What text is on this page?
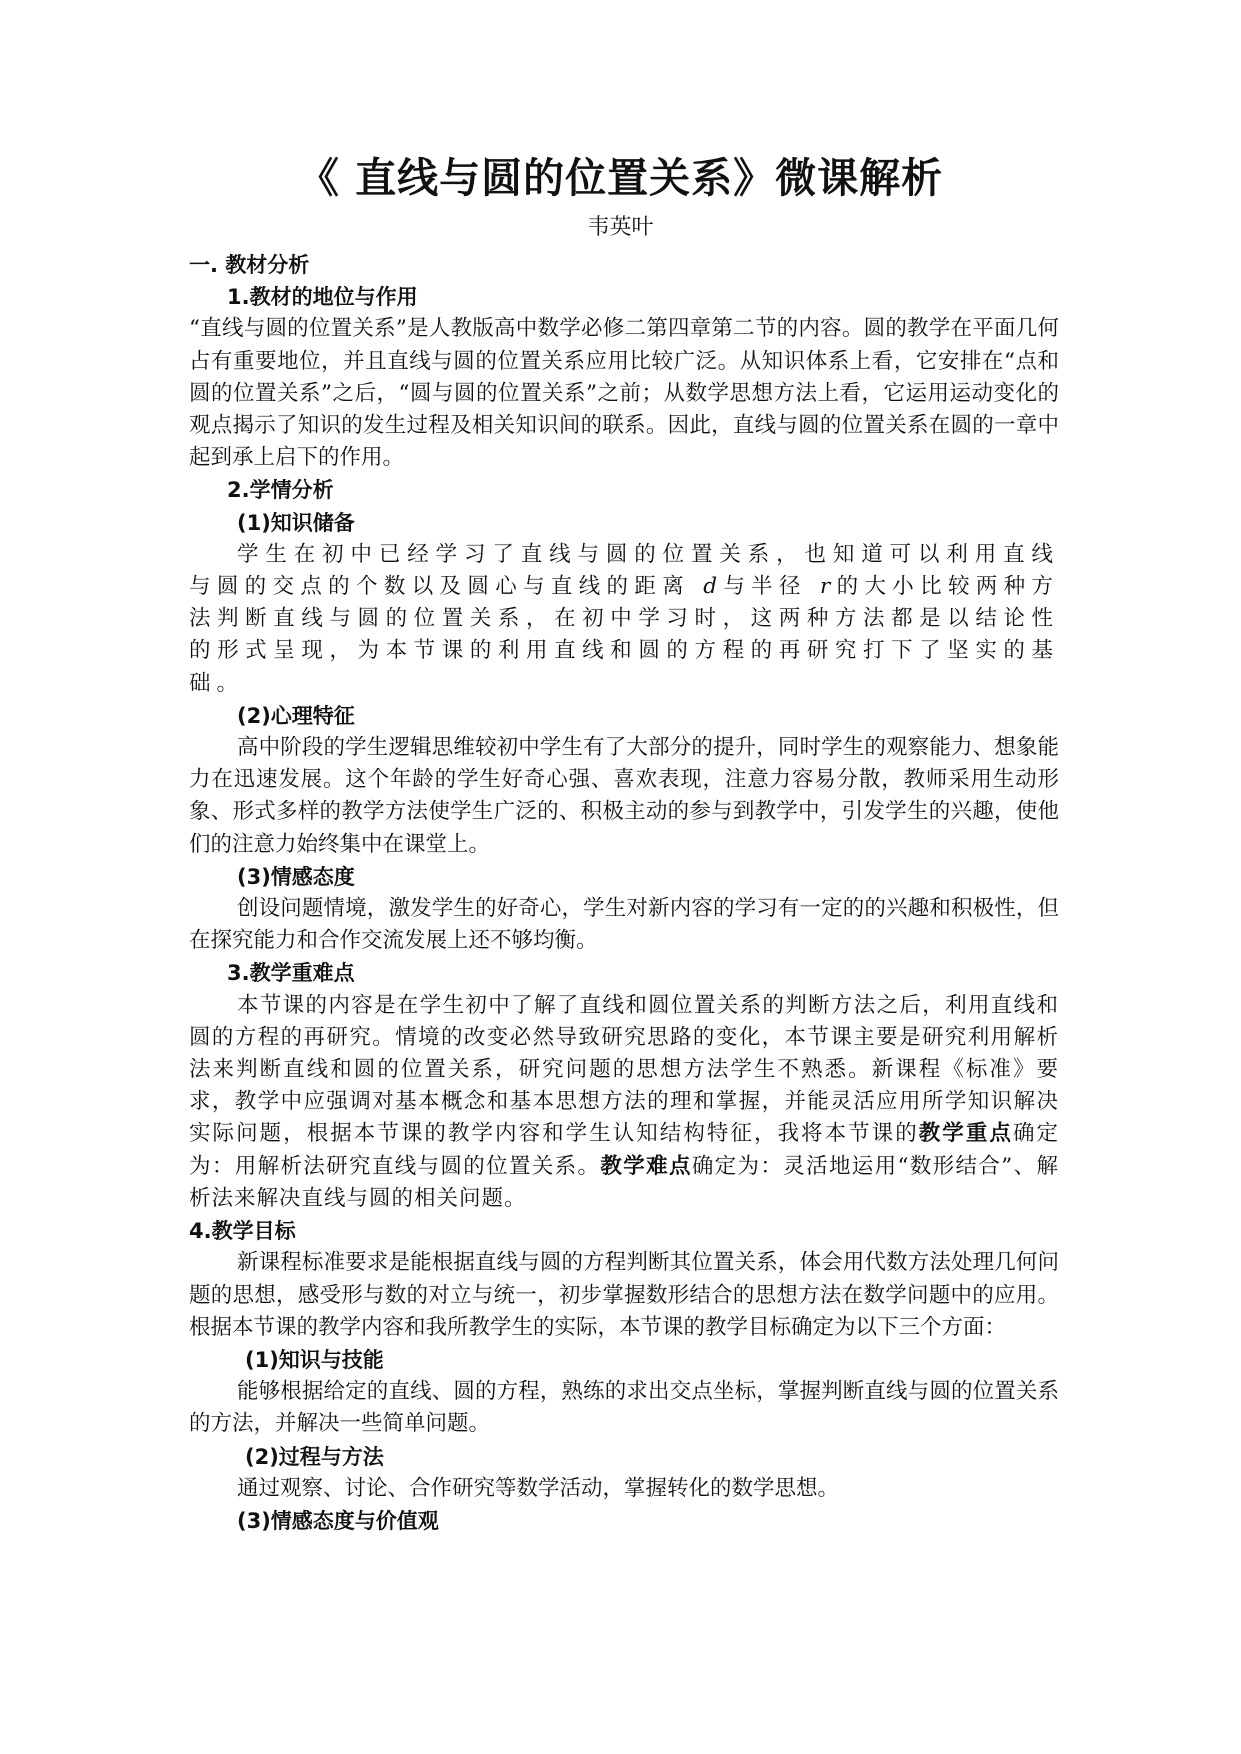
《 直线与圆的位置关系》微课解析
韦英叶

一. 教材分析

1.教材的地位与作用

“直线与圆的位置关系”是人教版高中数学必修二第四章第二节的内容。圆的教学在平面几何占有重要地位，并且直线与圆的位置关系应用比较广泛。从知识体系上看，它安排在“点和圆的位置关系”之后，“圆与圆的位置关系”之前；从数学思想方法上看，它运用运动变化的观点揭示了知识的发生过程及相关知识间的联系。因此，直线与圆的位置关系在圆的一章中起到承上启下的作用。

2.学情分析

(1)知识储备

学生在初中已经学习了直线与圆的位置关系，也知道可以利用直线与圆的交点的个数以及圆心与直线的距离 d与半径 r的大小比较两种方法判断直线与圆的位置关系，在初中学习时，这两种方法都是以结论性的形式呈现，为本节课的利用直线和圆的方程的再研究打下了坚实的基础。

(2)心理特征

高中阶段的学生逻辑思维较初中学生有了大部分的提升，同时学生的观察能力、想象能力在迅速发展。这个年龄的学生好奇心强、喜欢表现，注意力容易分散，教师采用生动形象、形式多样的教学方法使学生广泛的、积极主动的参与到教学中，引发学生的兴趣，使他们的注意力始终集中在课堂上。

(3)情感态度

创设问题情境，激发学生的好奇心，学生对新内容的学习有一定的的兴趣和积极性，但在探究能力和合作交流发展上还不够均衡。

3.教学重难点

本节课的内容是在学生初中了解了直线和圆位置关系的判断方法之后，利用直线和圆的方程的再研究。情境的改变必然导致研究思路的变化，本节课主要是研究利用解析法来判断直线和圆的位置关系，研究问题的思想方法学生不熟悉。新课程《标准》要求，教学中应强调对基本概念和基本思想方法的理和掌握，并能灵活应用所学知识解决实际问题，根据本节课的教学内容和学生认知结构特征，我将本节课的教学重点确定为：用解析法研究直线与圆的位置关系。教学难点确定为：灵活地运用“数形结合”、解析法来解决直线与圆的相关问题。

4.教学目标

新课程标准要求是能根据直线与圆的方程判断其位置关系，体会用代数方法处理几何问题的思想，感受形与数的对立与统一，初步掌握数形结合的思想方法在数学问题中的应用。根据本节课的教学内容和我所教学生的实际，本节课的教学目标确定为以下三个方面：

(1)知识与技能

能够根据给定的直线、圆的方程，熟练的求出交点坐标，掌握判断直线与圆的位置关系的方法，并解决一些简单问题。

(2)过程与方法

通过观察、讨论、合作研究等数学活动，掌握转化的数学思想。

(3)情感态度与价值观
